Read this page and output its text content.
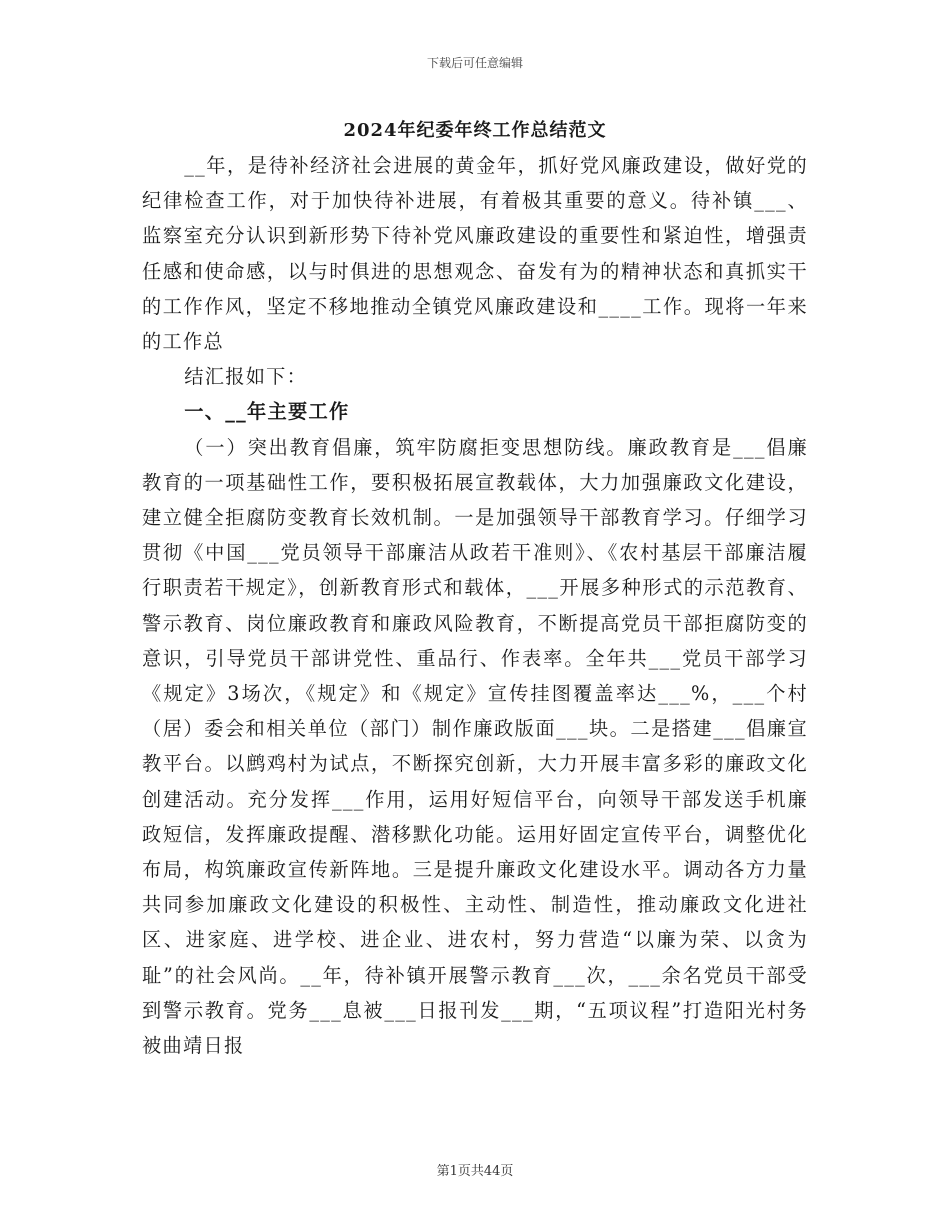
下载后可任意编辑
2024年纪委年终工作总结范文

__年，是待补经济社会进展的黄金年，抓好党风廉政建设，做好党的纪律检查工作，对于加快待补进展，有着极其重要的意义。待补镇___、监察室充分认识到新形势下待补党风廉政建设的重要性和紧迫性，增强责任感和使命感，以与时俱进的思想观念、奋发有为的精神状态和真抓实干的工作作风，坚定不移地推动全镇党风廉政建设和____工作。现将一年来的工作总

结汇报如下：

一、__年主要工作

（一）突出教育倡廉，筑牢防腐拒变思想防线。廉政教育是___倡廉教育的一项基础性工作，要积极拓展宣教载体，大力加强廉政文化建设，建立健全拒腐防变教育长效机制。一是加强领导干部教育学习。仔细学习贯彻《中国___党员领导干部廉洁从政若干准则》、《农村基层干部廉洁履行职责若干规定》，创新教育形式和载体，___开展多种形式的示范教育、警示教育、岗位廉政教育和廉政风险教育，不断提高党员干部拒腐防变的意识，引导党员干部讲党性、重品行、作表率。全年共___党员干部学习《规定》3场次，《规定》和《规定》宣传挂图覆盖率达___%，___个村（居）委会和相关单位（部门）制作廉政版面___块。二是搭建___倡廉宣教平台。以鹧鸡村为试点，不断探究创新，大力开展丰富多彩的廉政文化创建活动。充分发挥___作用，运用好短信平台，向领导干部发送手机廉政短信，发挥廉政提醒、潜移默化功能。运用好固定宣传平台，调整优化布局，构筑廉政宣传新阵地。三是提升廉政文化建设水平。调动各方力量共同参加廉政文化建设的积极性、主动性、制造性，推动廉政文化进社区、进家庭、进学校、进企业、进农村，努力营造“以廉为荣、以贪为耻”的社会风尚。__年，待补镇开展警示教育___次，___余名党员干部受到警示教育。党务___息被___日报刊发___期，“五项议程”打造阳光村务被曲靖日报

第1页共44页
